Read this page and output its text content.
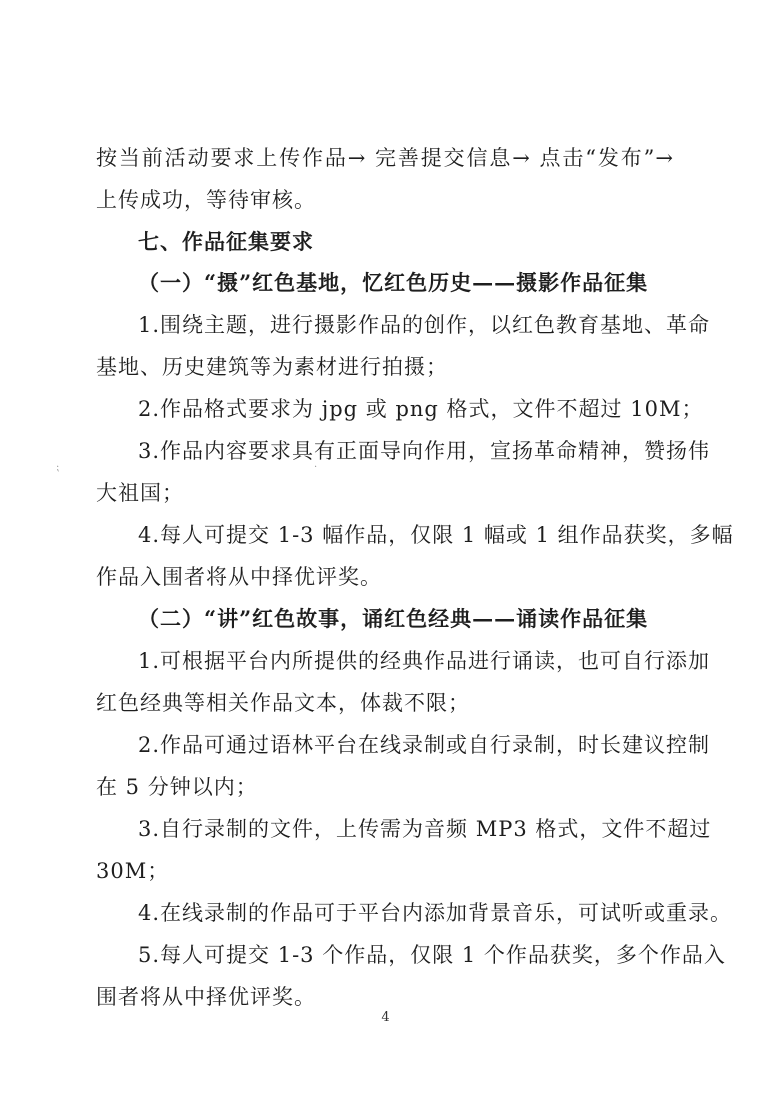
按当前活动要求上传作品→ 完善提交信息→ 点击“发布”→
上传成功，等待审核。
七、作品征集要求
（一）“摄”红色基地，忆红色历史——摄影作品征集
1.围绕主题，进行摄影作品的创作，以红色教育基地、革命
基地、历史建筑等为素材进行拍摄；
2.作品格式要求为 jpg 或 png 格式，文件不超过 10M；
3.作品内容要求具有正面导向作用，宣扬革命精神，赞扬伟
大祖国；
4.每人可提交 1-3 幅作品，仅限 1 幅或 1 组作品获奖，多幅
作品入围者将从中择优评奖。
（二）“讲”红色故事，诵红色经典——诵读作品征集
1.可根据平台内所提供的经典作品进行诵读，也可自行添加
红色经典等相关作品文本，体裁不限；
2.作品可通过语林平台在线录制或自行录制，时长建议控制
在 5 分钟以内；
3.自行录制的文件，上传需为音频 MP3 格式，文件不超过
30M；
4.在线录制的作品可于平台内添加背景音乐，可试听或重录。
5.每人可提交 1-3 个作品，仅限 1 个作品获奖，多个作品入
围者将从中择优评奖。
4
⁏	·
